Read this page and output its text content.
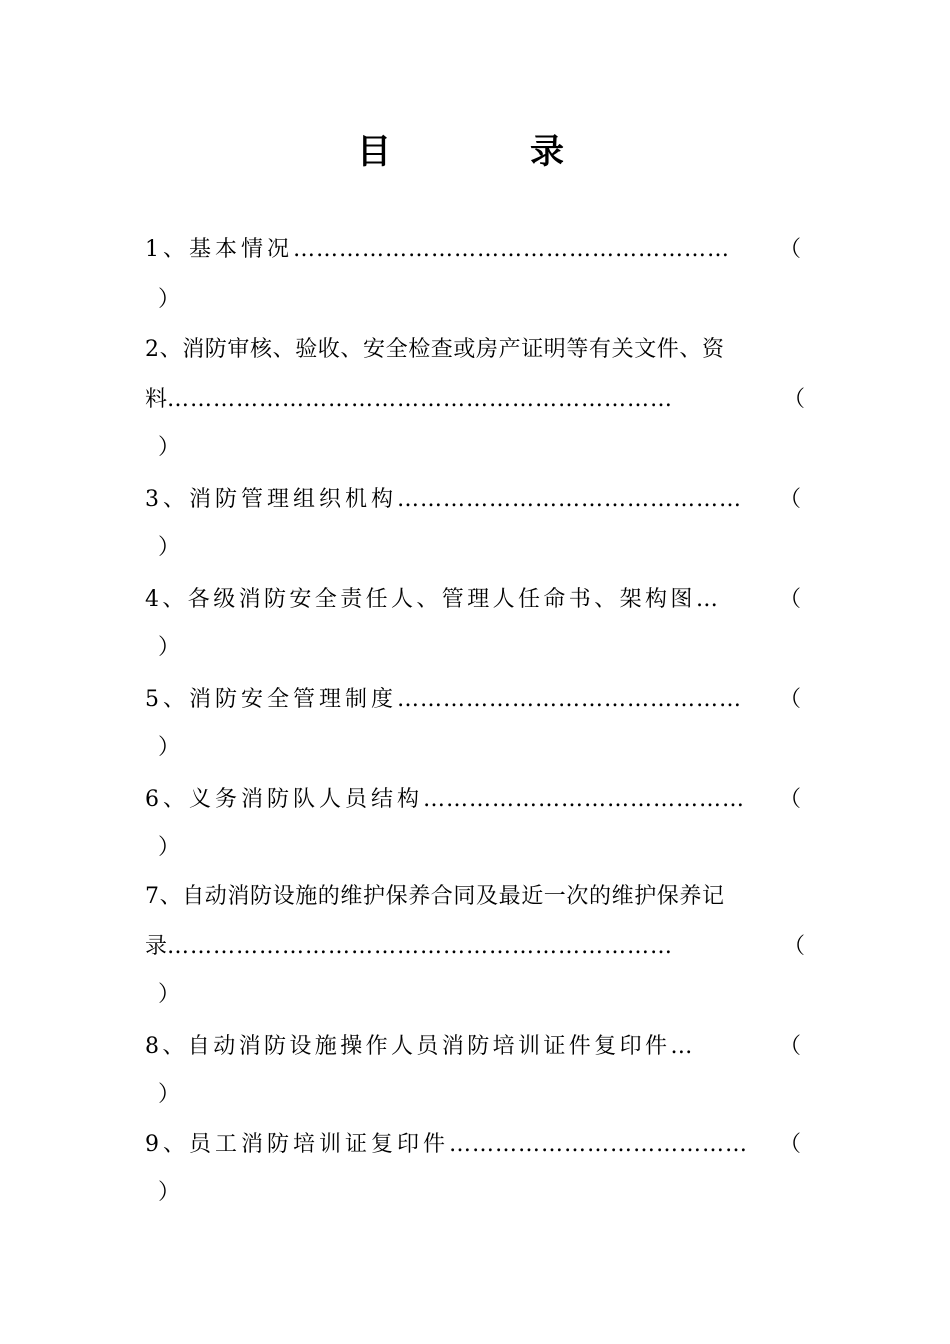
目	录
1、基本情况………………………………………………… （
）
2、消防审核、验收、安全检查或房产证明等有关文件、资
料…………………………………………………………	（
）
3、消防管理组织机构……………………………………… （
）
4、各级消防安全责任人、管理人任命书、架构图…	（
）
5、消防安全管理制度……………………………………… （
）
6、义务消防队人员结构…………………………………… （
）
7、自动消防设施的维护保养合同及最近一次的维护保养记
录…………………………………………………………	（
）
8、自动消防设施操作人员消防培训证件复印件…	（
）
9、员工消防培训证复印件………………………………… （
）
